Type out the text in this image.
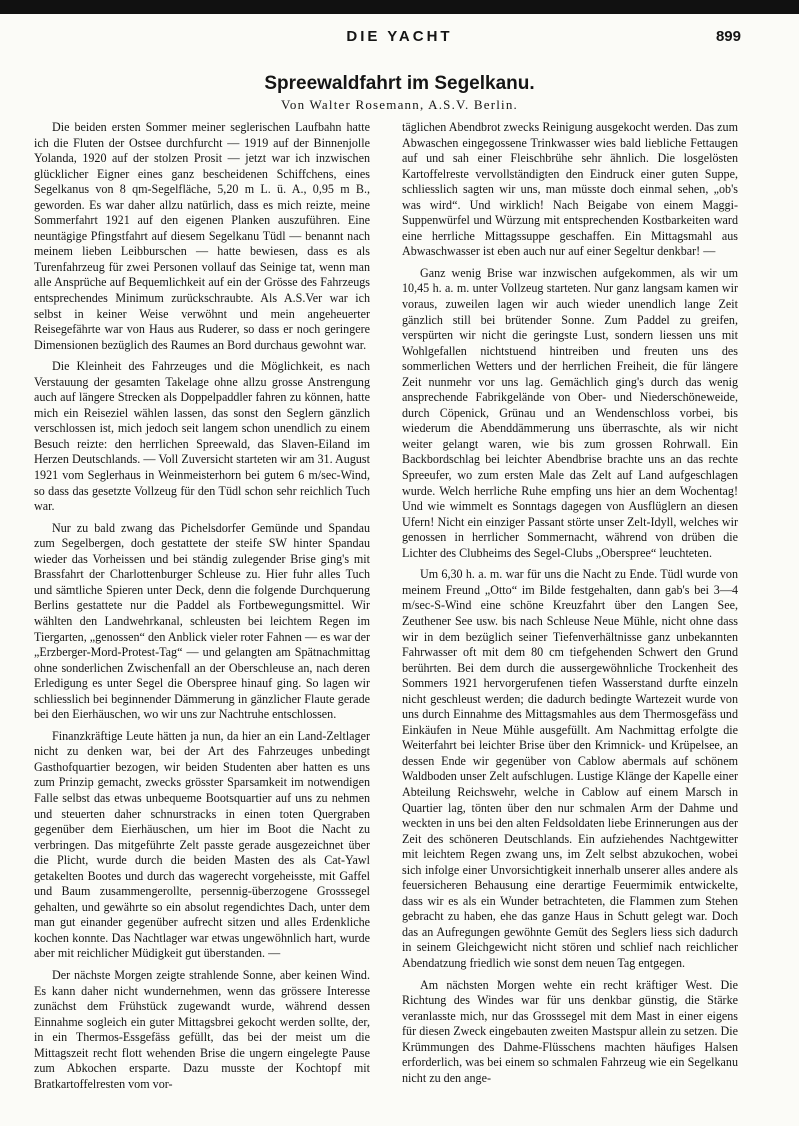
DIE YACHT	899
Spreewaldfahrt im Segelkanu.
Von Walter Rosemann, A.S.V. Berlin.

Die beiden ersten Sommer meiner seglerischen Laufbahn hatte ich die Fluten der Ostsee durchfurcht — 1919 auf der Binnenjolle Yolanda, 1920 auf der stolzen Prosit — jetzt war ich inzwischen glücklicher Eigner eines ganz bescheidenen Schiffchens, eines Segelkanus von 8 qm-Segelfläche, 5,20 m L. ü. A., 0,95 m B., geworden. Es war daher allzu natürlich, dass es mich reizte, meine Sommerfahrt 1921 auf den eigenen Planken auszuführen. Eine neuntägige Pfingstfahrt auf diesem Segelkanu Tüdl — benannt nach meinem lieben Leibburschen — hatte bewiesen, dass es als Turenfahrzeug für zwei Personen vollauf das Seinige tat, wenn man alle Ansprüche auf Bequemlichkeit auf ein der Grösse des Fahrzeugs entsprechendes Minimum zurückschraubte. Als A.S.Ver war ich selbst in keiner Weise verwöhnt und mein angeheuerter Reisegefährte war von Haus aus Ruderer, so dass er noch geringere Dimensionen bezüglich des Raumes an Bord durchaus gewohnt war.

Die Kleinheit des Fahrzeuges und die Möglichkeit, es nach Verstauung der gesamten Takelage ohne allzu grosse Anstrengung auch auf längere Strecken als Doppelpaddler fahren zu können, hatte mich ein Reiseziel wählen lassen, das sonst den Seglern gänzlich verschlossen ist, mich jedoch seit langem schon unendlich zu einem Besuch reizte: den herrlichen Spreewald, das Slaven-Eiland im Herzen Deutschlands. — Voll Zuversicht starteten wir am 31. August 1921 vom Seglerhaus in Weinmeisterhorn bei gutem 6 m/sec-Wind, so dass das gesetzte Vollzeug für den Tüdl schon sehr reichlich Tuch war.

Nur zu bald zwang das Pichelsdorfer Gemünde und Spandau zum Segelbergen, doch gestattete der steife SW hinter Spandau wieder das Vorheissen und bei ständig zulegender Brise ging's mit Brassfahrt der Charlottenburger Schleuse zu. Hier fuhr alles Tuch und sämtliche Spieren unter Deck, denn die folgende Durchquerung Berlins gestattete nur die Paddel als Fortbewegungsmittel. Wir wählten den Landwehrkanal, schleusten bei leichtem Regen im Tiergarten, „genossen“ den Anblick vieler roter Fahnen — es war der „Erzberger-Mord-Protest-Tag“ — und gelangten am Spätnachmittag ohne sonderlichen Zwischenfall an der Oberschleuse an, nach deren Erledigung es unter Segel die Oberspree hinauf ging. So lagen wir schliesslich bei beginnender Dämmerung in gänzlicher Flaute gerade bei den Eierhäuschen, wo wir uns zur Nachtruhe entschlossen.

Finanzkräftige Leute hätten ja nun, da hier an ein Land-Zeltlager nicht zu denken war, bei der Art des Fahrzeuges unbedingt Gasthofquartier bezogen, wir beiden Studenten aber hatten es uns zum Prinzip gemacht, zwecks grösster Sparsamkeit im notwendigen Falle selbst das etwas unbequeme Bootsquartier auf uns zu nehmen und steuerten daher schnurstracks in einen toten Quergraben gegenüber dem Eierhäuschen, um hier im Boot die Nacht zu verbringen. Das mitgeführte Zelt passte gerade ausgezeichnet über die Plicht, wurde durch die beiden Masten des als Cat-Yawl getakelten Bootes und durch das wagerecht vorgeheisste, mit Gaffel und Baum zusammengerollte, persennig-überzogene Grosssegel gehalten, und gewährte so ein absolut regendichtes Dach, unter dem man gut einander gegenüber aufrecht sitzen und alles Erdenkliche kochen konnte. Das Nachtlager war etwas ungewöhnlich hart, wurde aber mit reichlicher Müdigkeit gut überstanden. —

Der nächste Morgen zeigte strahlende Sonne, aber keinen Wind. Es kann daher nicht wundernehmen, wenn das grössere Interesse zunächst dem Frühstück zugewandt wurde, während dessen Einnahme sogleich ein guter Mittagsbrei gekocht werden sollte, der, in ein Thermos-Essgefäss gefüllt, das bei der meist um die Mittagszeit recht flott wehenden Brise die ungern eingelegte Pause zum Abkochen ersparte. Dazu musste der Kochtopf mit Bratkartoffelresten vom vor-

täglichen Abendbrot zwecks Reinigung ausgekocht werden. Das zum Abwaschen eingegossene Trinkwasser wies bald liebliche Fettaugen auf und sah einer Fleischbrühe sehr ähnlich. Die losgelösten Kartoffelreste vervollständigten den Eindruck einer guten Suppe, schliesslich sagten wir uns, man müsste doch einmal sehen, „ob's was wird“. Und wirklich! Nach Beigabe von einem Maggi-Suppenwürfel und Würzung mit entsprechenden Kostbarkeiten ward eine herrliche Mittagssuppe geschaffen. Ein Mittagsmahl aus Abwaschwasser ist eben auch nur auf einer Segeltur denkbar! —

Ganz wenig Brise war inzwischen aufgekommen, als wir um 10,45 h. a. m. unter Vollzeug starteten. Nur ganz langsam kamen wir voraus, zuweilen lagen wir auch wieder unendlich lange Zeit gänzlich still bei brütender Sonne. Zum Paddel zu greifen, verspürten wir nicht die geringste Lust, sondern liessen uns mit Wohlgefallen nichtstuend hintreiben und freuten uns des sommerlichen Wetters und der herrlichen Freiheit, die für längere Zeit nunmehr vor uns lag. Gemächlich ging's durch das wenig ansprechende Fabrikgelände von Ober- und Niederschöneweide, durch Cöpenick, Grünau und an Wendenschloss vorbei, bis wiederum die Abenddämmerung uns überraschte, als wir nicht weiter gelangt waren, wie bis zum grossen Rohrwall. Ein Backbordschlag bei leichter Abendbrise brachte uns an das rechte Spreeufer, wo zum ersten Male das Zelt auf Land aufgeschlagen wurde. Welch herrliche Ruhe empfing uns hier an dem Wochentag! Und wie wimmelt es Sonntags dagegen von Ausflüglern an diesen Ufern! Nicht ein einziger Passant störte unser Zelt-Idyll, welches wir genossen in herrlicher Sommernacht, während von drüben die Lichter des Clubheims des Segel-Clubs „Oberspree“ leuchteten.

Um 6,30 h. a. m. war für uns die Nacht zu Ende. Tüdl wurde von meinem Freund „Otto“ im Bilde festgehalten, dann gab's bei 3—4 m/sec-S-Wind eine schöne Kreuzfahrt über den Langen See, Zeuthener See usw. bis nach Schleuse Neue Mühle, nicht ohne dass wir in dem bezüglich seiner Tiefenverhältnisse ganz unbekannten Fahrwasser oft mit dem 80 cm tiefgehenden Schwert den Grund berührten. Bei dem durch die aussergewöhnliche Trockenheit des Sommers 1921 hervorgerufenen tiefen Wasserstand durfte einzeln nicht geschleust werden; die dadurch bedingte Wartezeit wurde von uns durch Einnahme des Mittagsmahles aus dem Thermosgefäss und Einkäufen in Neue Mühle ausgefüllt. Am Nachmittag erfolgte die Weiterfahrt bei leichter Brise über den Krimnick- und Krüpelsee, an dessen Ende wir gegenüber von Cablow abermals auf schönem Waldboden unser Zelt aufschlugen. Lustige Klänge der Kapelle einer Abteilung Reichswehr, welche in Cablow auf einem Marsch in Quartier lag, tönten über den nur schmalen Arm der Dahme und weckten in uns bei den alten Feldsoldaten liebe Erinnerungen aus der Zeit des schöneren Deutschlands. Ein aufziehendes Nachtgewitter mit leichtem Regen zwang uns, im Zelt selbst abzukochen, wobei sich infolge einer Unvorsichtigkeit innerhalb unserer alles andere als feuersicheren Behausung eine derartige Feuermimik entwickelte, dass wir es als ein Wunder betrachteten, die Flammen zum Stehen gebracht zu haben, ehe das ganze Haus in Schutt gelegt war. Doch das an Aufregungen gewöhnte Gemüt des Seglers liess sich dadurch in seinem Gleichgewicht nicht stören und schlief nach reichlicher Abendatzung friedlich wie sonst dem neuen Tag entgegen.

Am nächsten Morgen wehte ein recht kräftiger West. Die Richtung des Windes war für uns denkbar günstig, die Stärke veranlasste mich, nur das Grosssegel mit dem Mast in einer eigens für diesen Zweck eingebauten zweiten Mastspur allein zu setzen. Die Krümmungen des Dahme-Flüsschens machten häufiges Halsen erforderlich, was bei einem so schmalen Fahrzeug wie ein Segelkanu nicht zu den ange-
